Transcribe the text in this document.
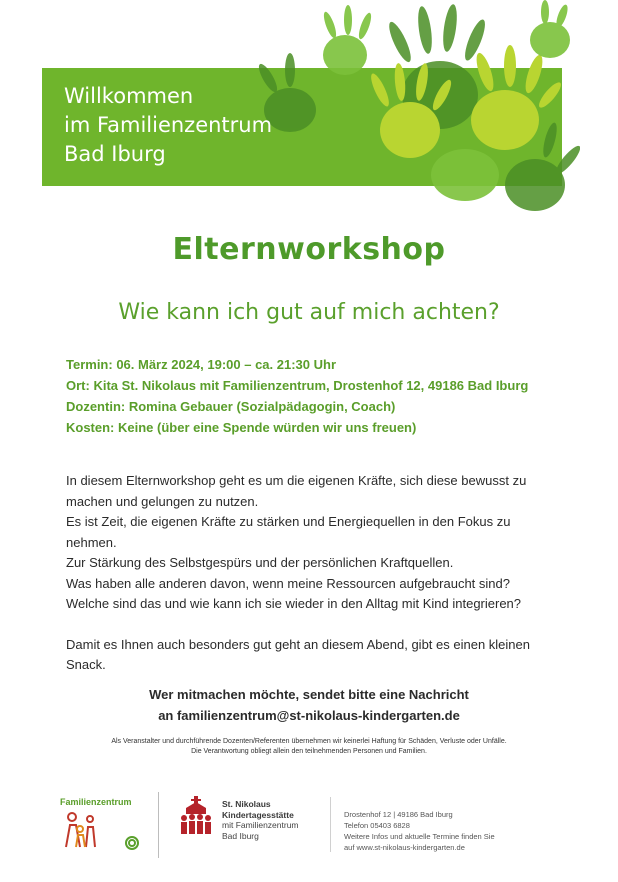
Willkommen
im Familienzentrum
Bad Iburg
Elternworkshop
Wie kann ich gut auf mich achten?
Termin: 06. März 2024, 19:00 – ca. 21:30 Uhr
Ort: Kita St. Nikolaus mit Familienzentrum, Drostenhof 12, 49186 Bad Iburg
Dozentin: Romina Gebauer (Sozialpädagogin, Coach)
Kosten: Keine (über eine Spende würden wir uns freuen)

In diesem Elternworkshop geht es um die eigenen Kräfte, sich diese bewusst zu machen und gelungen zu nutzen.

Es ist Zeit, die eigenen Kräfte zu stärken und Energiequellen in den Fokus zu nehmen.

Zur Stärkung des Selbstgespürs und der persönlichen Kraftquellen.

Was haben alle anderen davon, wenn meine Ressourcen aufgebraucht sind?

Welche sind das und wie kann ich sie wieder in den Alltag mit Kind integrieren?

Damit es Ihnen auch besonders gut geht an diesem Abend, gibt es einen kleinen Snack.

Wer mitmachen möchte, sendet bitte eine Nachricht
an familienzentrum@st-nikolaus-kindergarten.de
Als Veranstalter und durchführende Dozenten/Referenten übernehmen wir keinerlei Haftung für Schäden, Verluste oder Unfälle.
Die Verantwortung obliegt allein den teilnehmenden Personen und Familien.
Familienzentrum	St. Nikolaus
Kindertagesstätte
mit Familienzentrum
Bad Iburg
Drostenhof 12 | 49186 Bad Iburg
Telefon 05403 6828
Weitere Infos und aktuelle Termine finden Sie
auf www.st-nikolaus-kindergarten.de
